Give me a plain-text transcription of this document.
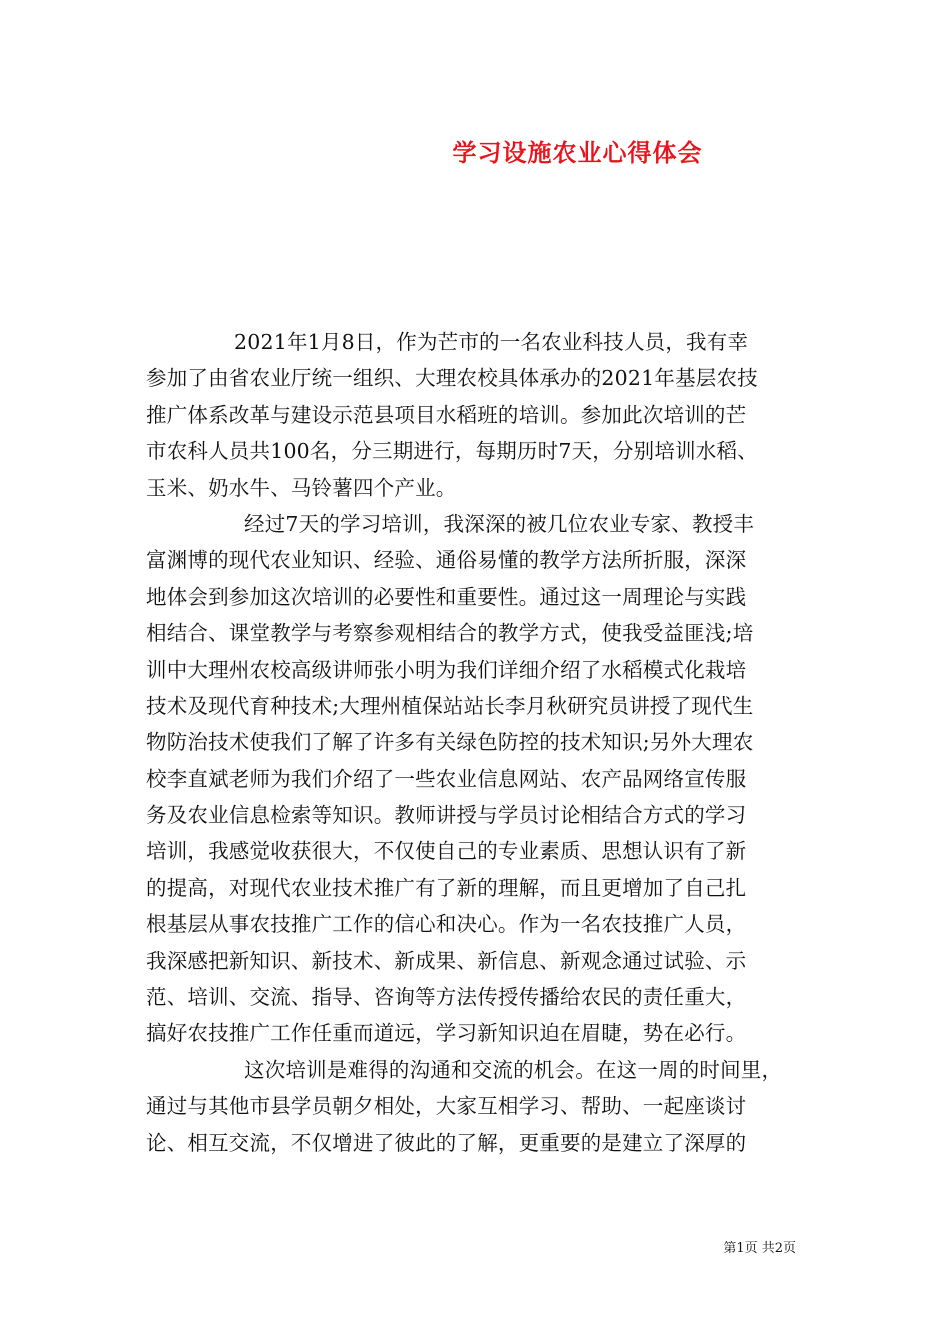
学习设施农业心得体会
2021年1月8日，作为芒市的一名农业科技人员，我有幸
参加了由省农业厅统一组织、大理农校具体承办的2021年基层农技
推广体系改革与建设示范县项目水稻班的培训。参加此次培训的芒
市农科人员共100名，分三期进行，每期历时7天，分别培训水稻、
玉米、奶水牛、马铃薯四个产业。
经过7天的学习培训，我深深的被几位农业专家、教授丰
富渊博的现代农业知识、经验、通俗易懂的教学方法所折服，深深
地体会到参加这次培训的必要性和重要性。通过这一周理论与实践
相结合、课堂教学与考察参观相结合的教学方式，使我受益匪浅;培
训中大理州农校高级讲师张小明为我们详细介绍了水稻模式化栽培
技术及现代育种技术;大理州植保站站长李月秋研究员讲授了现代生
物防治技术使我们了解了许多有关绿色防控的技术知识;另外大理农
校李直斌老师为我们介绍了一些农业信息网站、农产品网络宣传服
务及农业信息检索等知识。教师讲授与学员讨论相结合方式的学习
培训，我感觉收获很大，不仅使自己的专业素质、思想认识有了新
的提高，对现代农业技术推广有了新的理解，而且更增加了自己扎
根基层从事农技推广工作的信心和决心。作为一名农技推广人员，
我深感把新知识、新技术、新成果、新信息、新观念通过试验、示
范、培训、交流、指导、咨询等方法传授传播给农民的责任重大，
搞好农技推广工作任重而道远，学习新知识迫在眉睫，势在必行。
这次培训是难得的沟通和交流的机会。在这一周的时间里，
通过与其他市县学员朝夕相处，大家互相学习、帮助、一起座谈讨
论、相互交流，不仅增进了彼此的了解，更重要的是建立了深厚的
第1页 共2页
